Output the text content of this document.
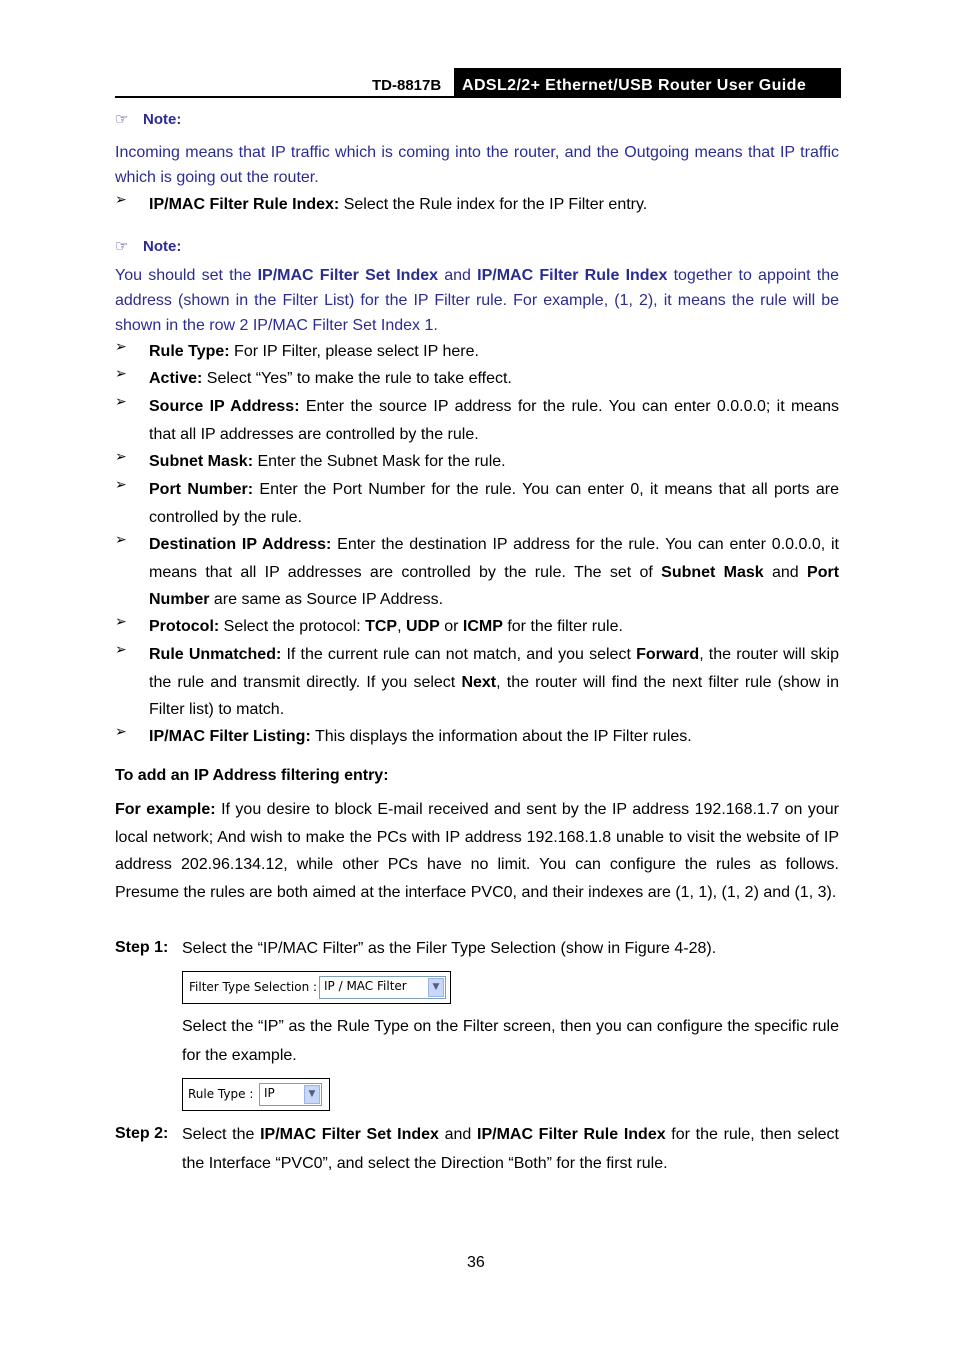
TD-8817B ADSL2/2+ Ethernet/USB Router User Guide
☞ Note:
Incoming means that IP traffic which is coming into the router, and the Outgoing means that IP traffic which is going out the router.
➢ IP/MAC Filter Rule Index: Select the Rule index for the IP Filter entry.
☞ Note:
You should set the IP/MAC Filter Set Index and IP/MAC Filter Rule Index together to appoint the address (shown in the Filter List) for the IP Filter rule. For example, (1, 2), it means the rule will be shown in the row 2 IP/MAC Filter Set Index 1.
➢ Rule Type: For IP Filter, please select IP here.
➢ Active: Select “Yes” to make the rule to take effect.
➢ Source IP Address: Enter the source IP address for the rule. You can enter 0.0.0.0; it means that all IP addresses are controlled by the rule.
➢ Subnet Mask: Enter the Subnet Mask for the rule.
➢ Port Number: Enter the Port Number for the rule. You can enter 0, it means that all ports are controlled by the rule.
➢ Destination IP Address: Enter the destination IP address for the rule. You can enter 0.0.0.0, it means that all IP addresses are controlled by the rule. The set of Subnet Mask and Port Number are same as Source IP Address.
➢ Protocol: Select the protocol: TCP, UDP or ICMP for the filter rule.
➢ Rule Unmatched: If the current rule can not match, and you select Forward, the router will skip the rule and transmit directly. If you select Next, the router will find the next filter rule (show in Filter list) to match.
➢ IP/MAC Filter Listing: This displays the information about the IP Filter rules.
To add an IP Address filtering entry:
For example: If you desire to block E-mail received and sent by the IP address 192.168.1.7 on your local network; And wish to make the PCs with IP address 192.168.1.8 unable to visit the website of IP address 202.96.134.12, while other PCs have no limit. You can configure the rules as follows. Presume the rules are both aimed at the interface PVC0, and their indexes are (1, 1), (1, 2) and (1, 3).
Step 1: Select the “IP/MAC Filter” as the Filer Type Selection (show in Figure 4-28).
Filter Type Selection : IP / MAC Filter	▼
Select the “IP” as the Rule Type on the Filter screen, then you can configure the specific rule for the example.
Rule Type : IP	▼
Step 2: Select the IP/MAC Filter Set Index and IP/MAC Filter Rule Index for the rule, then select the Interface “PVC0”, and select the Direction “Both” for the first rule.
36
